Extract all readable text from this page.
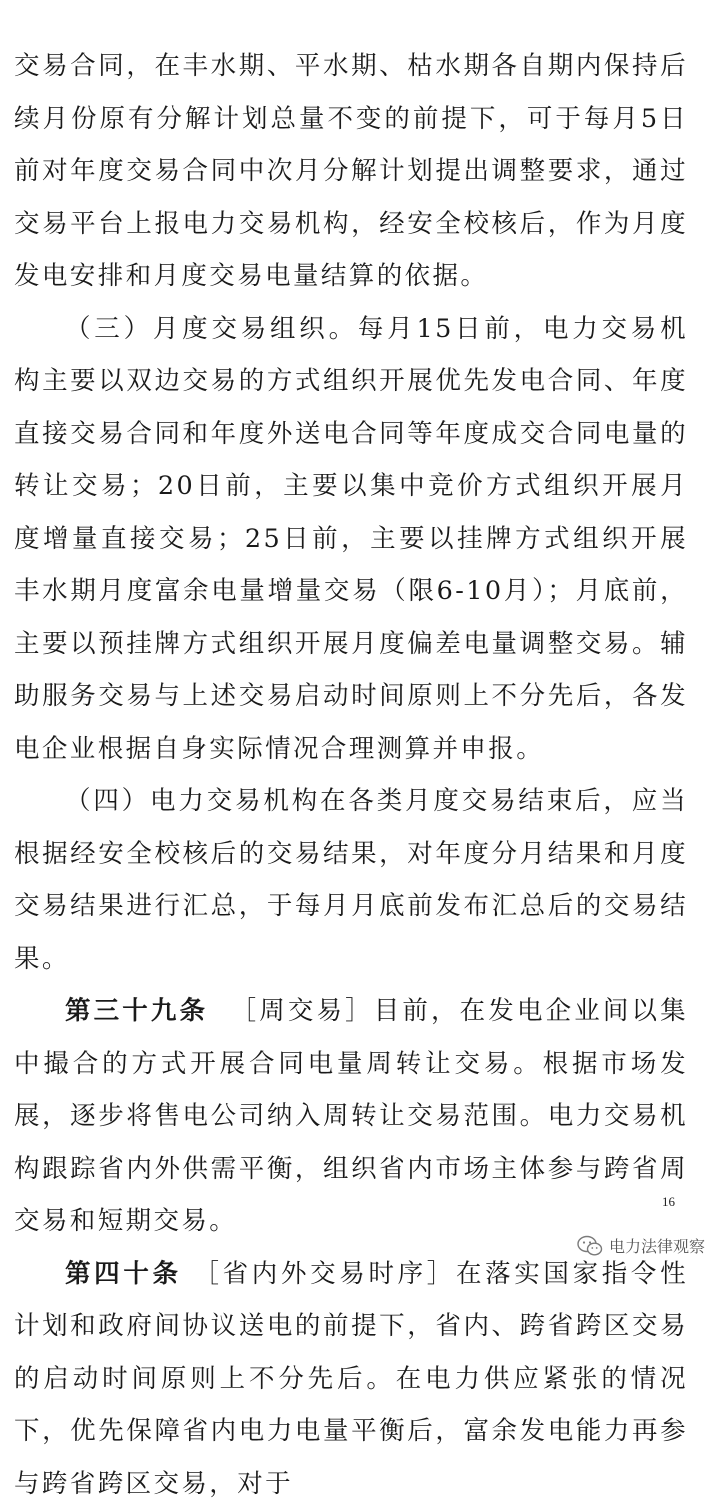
交易合同，在丰水期、平水期、枯水期各自期内保持后续月份原有分解计划总量不变的前提下，可于每月5日前对年度交易合同中次月分解计划提出调整要求，通过交易平台上报电力交易机构，经安全校核后，作为月度发电安排和月度交易电量结算的依据。

（三）月度交易组织。每月15日前，电力交易机构主要以双边交易的方式组织开展优先发电合同、年度直接交易合同和年度外送电合同等年度成交合同电量的转让交易；20日前，主要以集中竞价方式组织开展月度增量直接交易；25日前，主要以挂牌方式组织开展丰水期月度富余电量增量交易（限6-10月）；月底前，主要以预挂牌方式组织开展月度偏差电量调整交易。辅助服务交易与上述交易启动时间原则上不分先后，各发电企业根据自身实际情况合理测算并申报。

（四）电力交易机构在各类月度交易结束后，应当根据经安全校核后的交易结果，对年度分月结果和月度交易结果进行汇总，于每月月底前发布汇总后的交易结果。

第三十九条 ［周交易］目前，在发电企业间以集中撮合的方式开展合同电量周转让交易。根据市场发展，逐步将售电公司纳入周转让交易范围。电力交易机构跟踪省内外供需平衡，组织省内市场主体参与跨省周交易和短期交易。

第四十条 ［省内外交易时序］在落实国家指令性计划和政府间协议送电的前提下，省内、跨省跨区交易的启动时间原则上不分先后。在电力供应紧张的情况下，优先保障省内电力电量平衡后，富余发电能力再参与跨省跨区交易，对于

16
电力法律观察
